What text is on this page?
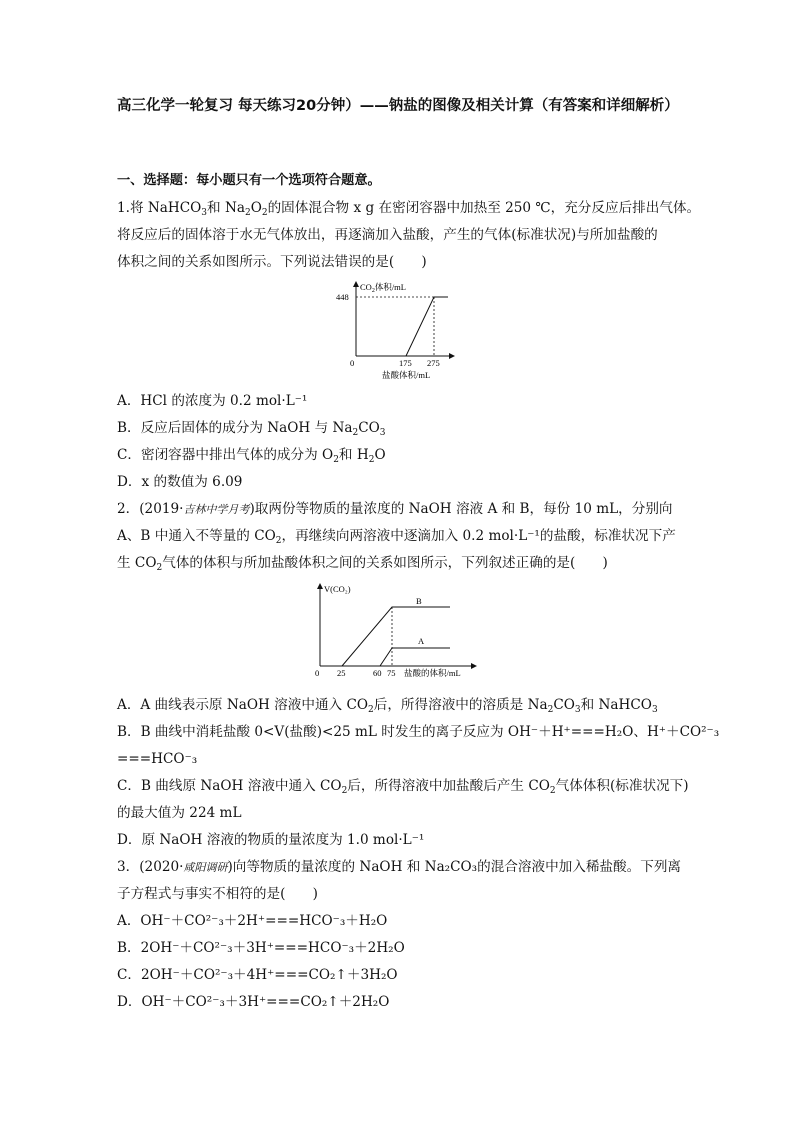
高三化学一轮复习 每天练习20分钟）——钠盐的图像及相关计算（有答案和详细解析）
一、选择题：每小题只有一个选项符合题意。
1.将 NaHCO$_3$和 $Na_2O_2$的固体混合物 x g 在密闭容器中加热至 250 ℃，充分反应后排出气体。
将反应后的固体溶于水无气体放出，再逐滴加入盐酸，产生的气体(标准状况)与所加盐酸的
体积之间的关系如图所示。下列说法错误的是(　　)
$CO_2$体积/mL
448
0	175 275
盐酸体积/mL
A．HCl 的浓度为 0.2 mol·L⁻¹
B．反应后固体的成分为 NaOH 与 $Na_2CO_3$
C．密闭容器中排出气体的成分为 $O_2$和 $H_2O$
D．x 的数值为 6.09
2．(2019·吉林中学月考)取两份等物质的量浓度的 NaOH 溶液 A 和 B，每份 10 mL，分别向
A、B 中通入不等量的 $CO_2$，再继续向两溶液中逐滴加入 0.2 mol·L⁻¹的盐酸，标准状况下产
生 $CO_2$气体的体积与所加盐酸体积之间的关系如图所示，下列叙述正确的是(　　)
V(CO₂)
B
A
0 25	60 75 盐酸的体积/mL
A．A 曲线表示原 NaOH 溶液中通入 $CO_2$后，所得溶液中的溶质是 $Na_2CO_3$和 NaHCO$_3$
B．B 曲线中消耗盐酸 0<V(盐酸)<25 mL 时发生的离子反应为 OH⁻＋H⁺===H₂O、H⁺＋CO²⁻₃
===HCO⁻₃
C．B 曲线原 NaOH 溶液中通入 $CO_2$后，所得溶液中加盐酸后产生 $CO_2$气体体积(标准状况下)
的最大值为 224 mL
D．原 NaOH 溶液的物质的量浓度为 1.0 mol·L⁻¹
3．(2020·咸阳调研)向等物质的量浓度的 NaOH 和 Na₂CO₃的混合溶液中加入稀盐酸。下列离
子方程式与事实不相符的是(　　)
A．OH⁻＋CO²⁻₃＋2H⁺===HCO⁻₃＋H₂O
B．2OH⁻＋CO²⁻₃＋3H⁺===HCO⁻₃＋2H₂O
C．2OH⁻＋CO²⁻₃＋4H⁺===CO₂↑＋3H₂O
D．OH⁻＋CO²⁻₃＋3H⁺===CO₂↑＋2H₂O
